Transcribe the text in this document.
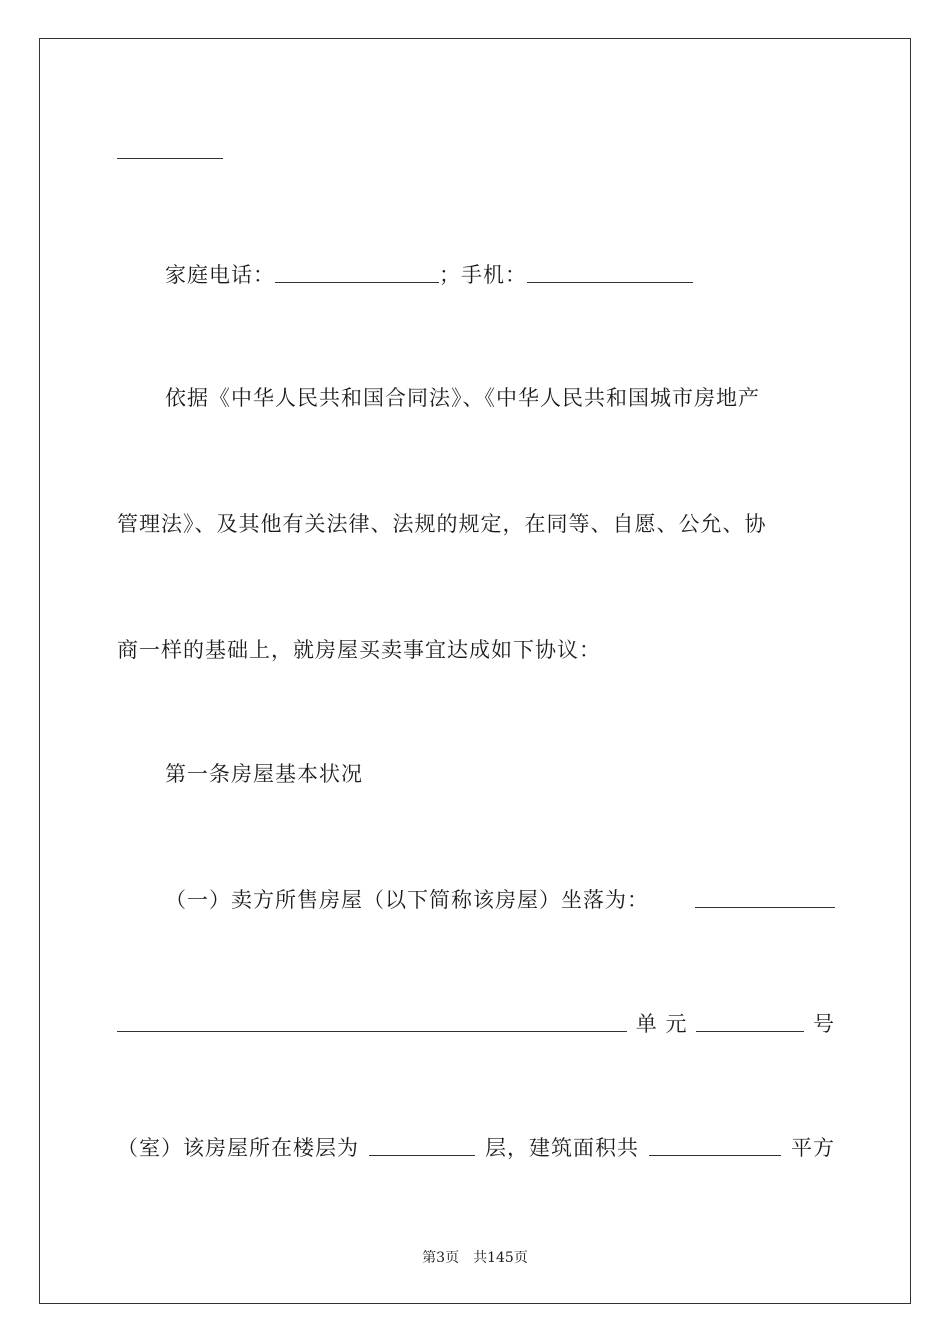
家庭电话：	；手机：
依据《中华人民共和国合同法》、《中华人民共和国城市房地产
管理法》、及其他有关法律、法规的规定，在同等、自愿、公允、协
商一样的基础上，就房屋买卖事宜达成如下协议：
第一条房屋基本状况
（一）卖方所售房屋（以下简称该房屋）坐落为：
单 元	号
（室）该房屋所在楼层为	层，建筑面积共	平方
第3页 共145页
